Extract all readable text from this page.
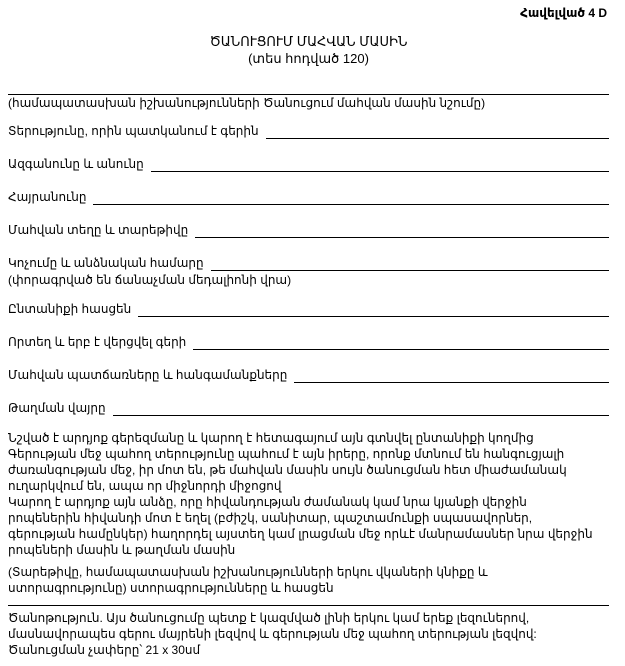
Հավելված 4 D
ԾԱՆՈՒՑՈՒՄ ՄԱՀՎԱՆ ՄԱՍԻՆ
(տես հոդված 120)
(համապատասխան իշխանությունների Ծանուցում մահվան մասին նշումը)
Տերությունը, որին պատկանում է գերին
Ազգանունը և անունը
Հայրանունը
Մահվան տեղը և տարեթիվը
Կոչումը և անձնական համարը
(փորագրված են ճանաչման մեդալիոնի վրա)
Ընտանիքի հասցեն
Որտեղ և երբ է վերցվել գերի
Մահվան պատճառները և հանգամանքները
Թաղման վայրը
Նշված է արդյոք գերեզմանը և կարող է հետագայում այն գտնվել ընտանիքի կողմից
Գերության մեջ պահող տերությունը պահում է այն իրերը, որոնք մտնում են հանգուցյալի
ժառանգության մեջ, իր մոտ են, թե մահվան մասին սույն ծանուցման հետ միաժամանակ
ուղարկվում են, ապա որ միջնորդի միջոցով
Կարող է արդյոք այն անձը, որը հիվանդության ժամանակ կամ նրա կյանքի վերջին
րոպեներին հիվանդի մոտ է եղել (բժիշկ, սանիտար, պաշտամունքի սպասավորներ,
գերության համընկեր) հաղորդել այստեղ կամ լրացման մեջ որևէ մանրամասներ նրա վերջին
րոպեների մասին և թաղման մասին
(Տարեթիվը, համապատասխան իշխանությունների երկու վկաների կնիքը և
ստորագրությունը) ստորագրությունները և հասցեն
Ծանոթություն. Այս ծանուցումը պետք է կազմված լինի երկու կամ երեք լեզուներով,
մասնավորապես գերու մայրենի լեզվով և գերության մեջ պահող տերության լեզվով:
Ծանուցման չափերը՝ 21 x 30սմ
